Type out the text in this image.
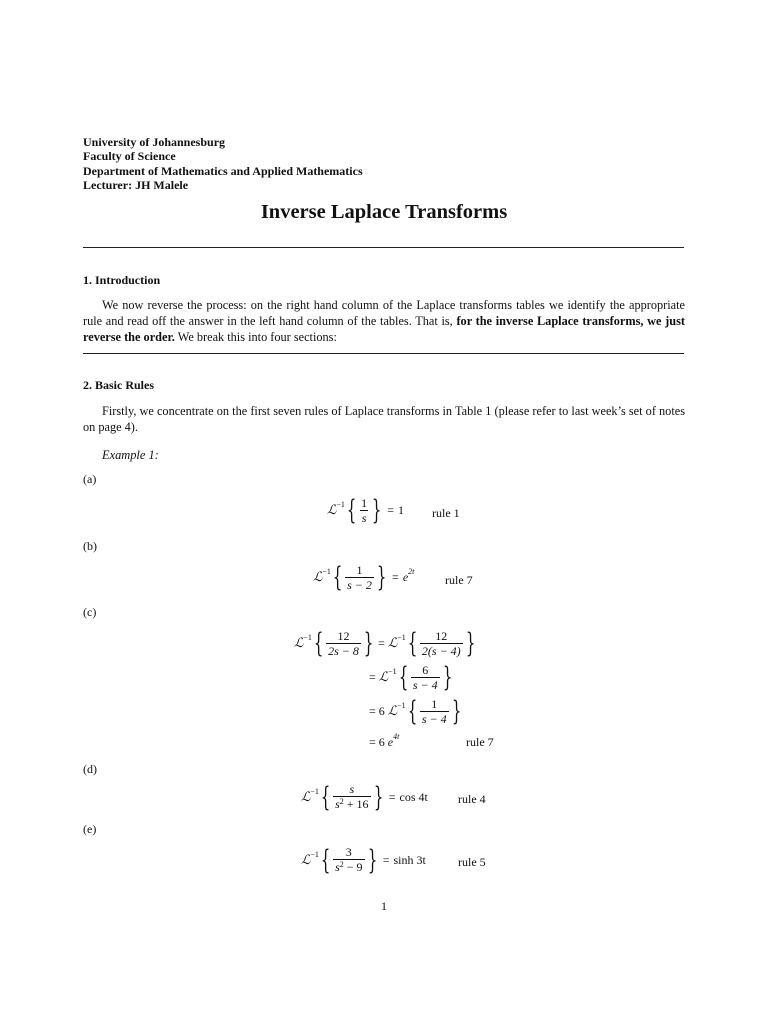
University of Johannesburg
Faculty of Science
Department of Mathematics and Applied Mathematics
Lecturer: JH Malele
Inverse Laplace Transforms
1. Introduction
We now reverse the process: on the right hand column of the Laplace transforms tables we identify the appropriate rule and read off the answer in the left hand column of the tables. That is, for the inverse Laplace transforms, we just reverse the order. We break this into four sections:
2. Basic Rules
Firstly, we concentrate on the first seven rules of Laplace transforms in Table 1 (please refer to last week’s set of notes on page 4).
Example 1:
(a)
ℒ −1 { $\frac{1}{s}$ } = 1 rule 1
(b)
ℒ −1 { $\frac{1}{s - 2}$ } = e 2t
rule 7
(c)
ℒ −1 { $\frac{12}{2s - 8}$ } = ℒ −1 { $\frac{12}{2(s - 4)}$ }
= ℒ −1 { $\frac{6}{s - 4}$ }
= 6 ℒ −1 { $\frac{1}{s - 4}$ }
= 6 e 4t	rule 7
(d)
ℒ −1 { $\frac{s}{s^2 + 16}$ } = cos 4t	rule 4
(e)
ℒ −1 { $\frac{3}{s^2 - 9}$ } = sinh 3t	rule 5
1
